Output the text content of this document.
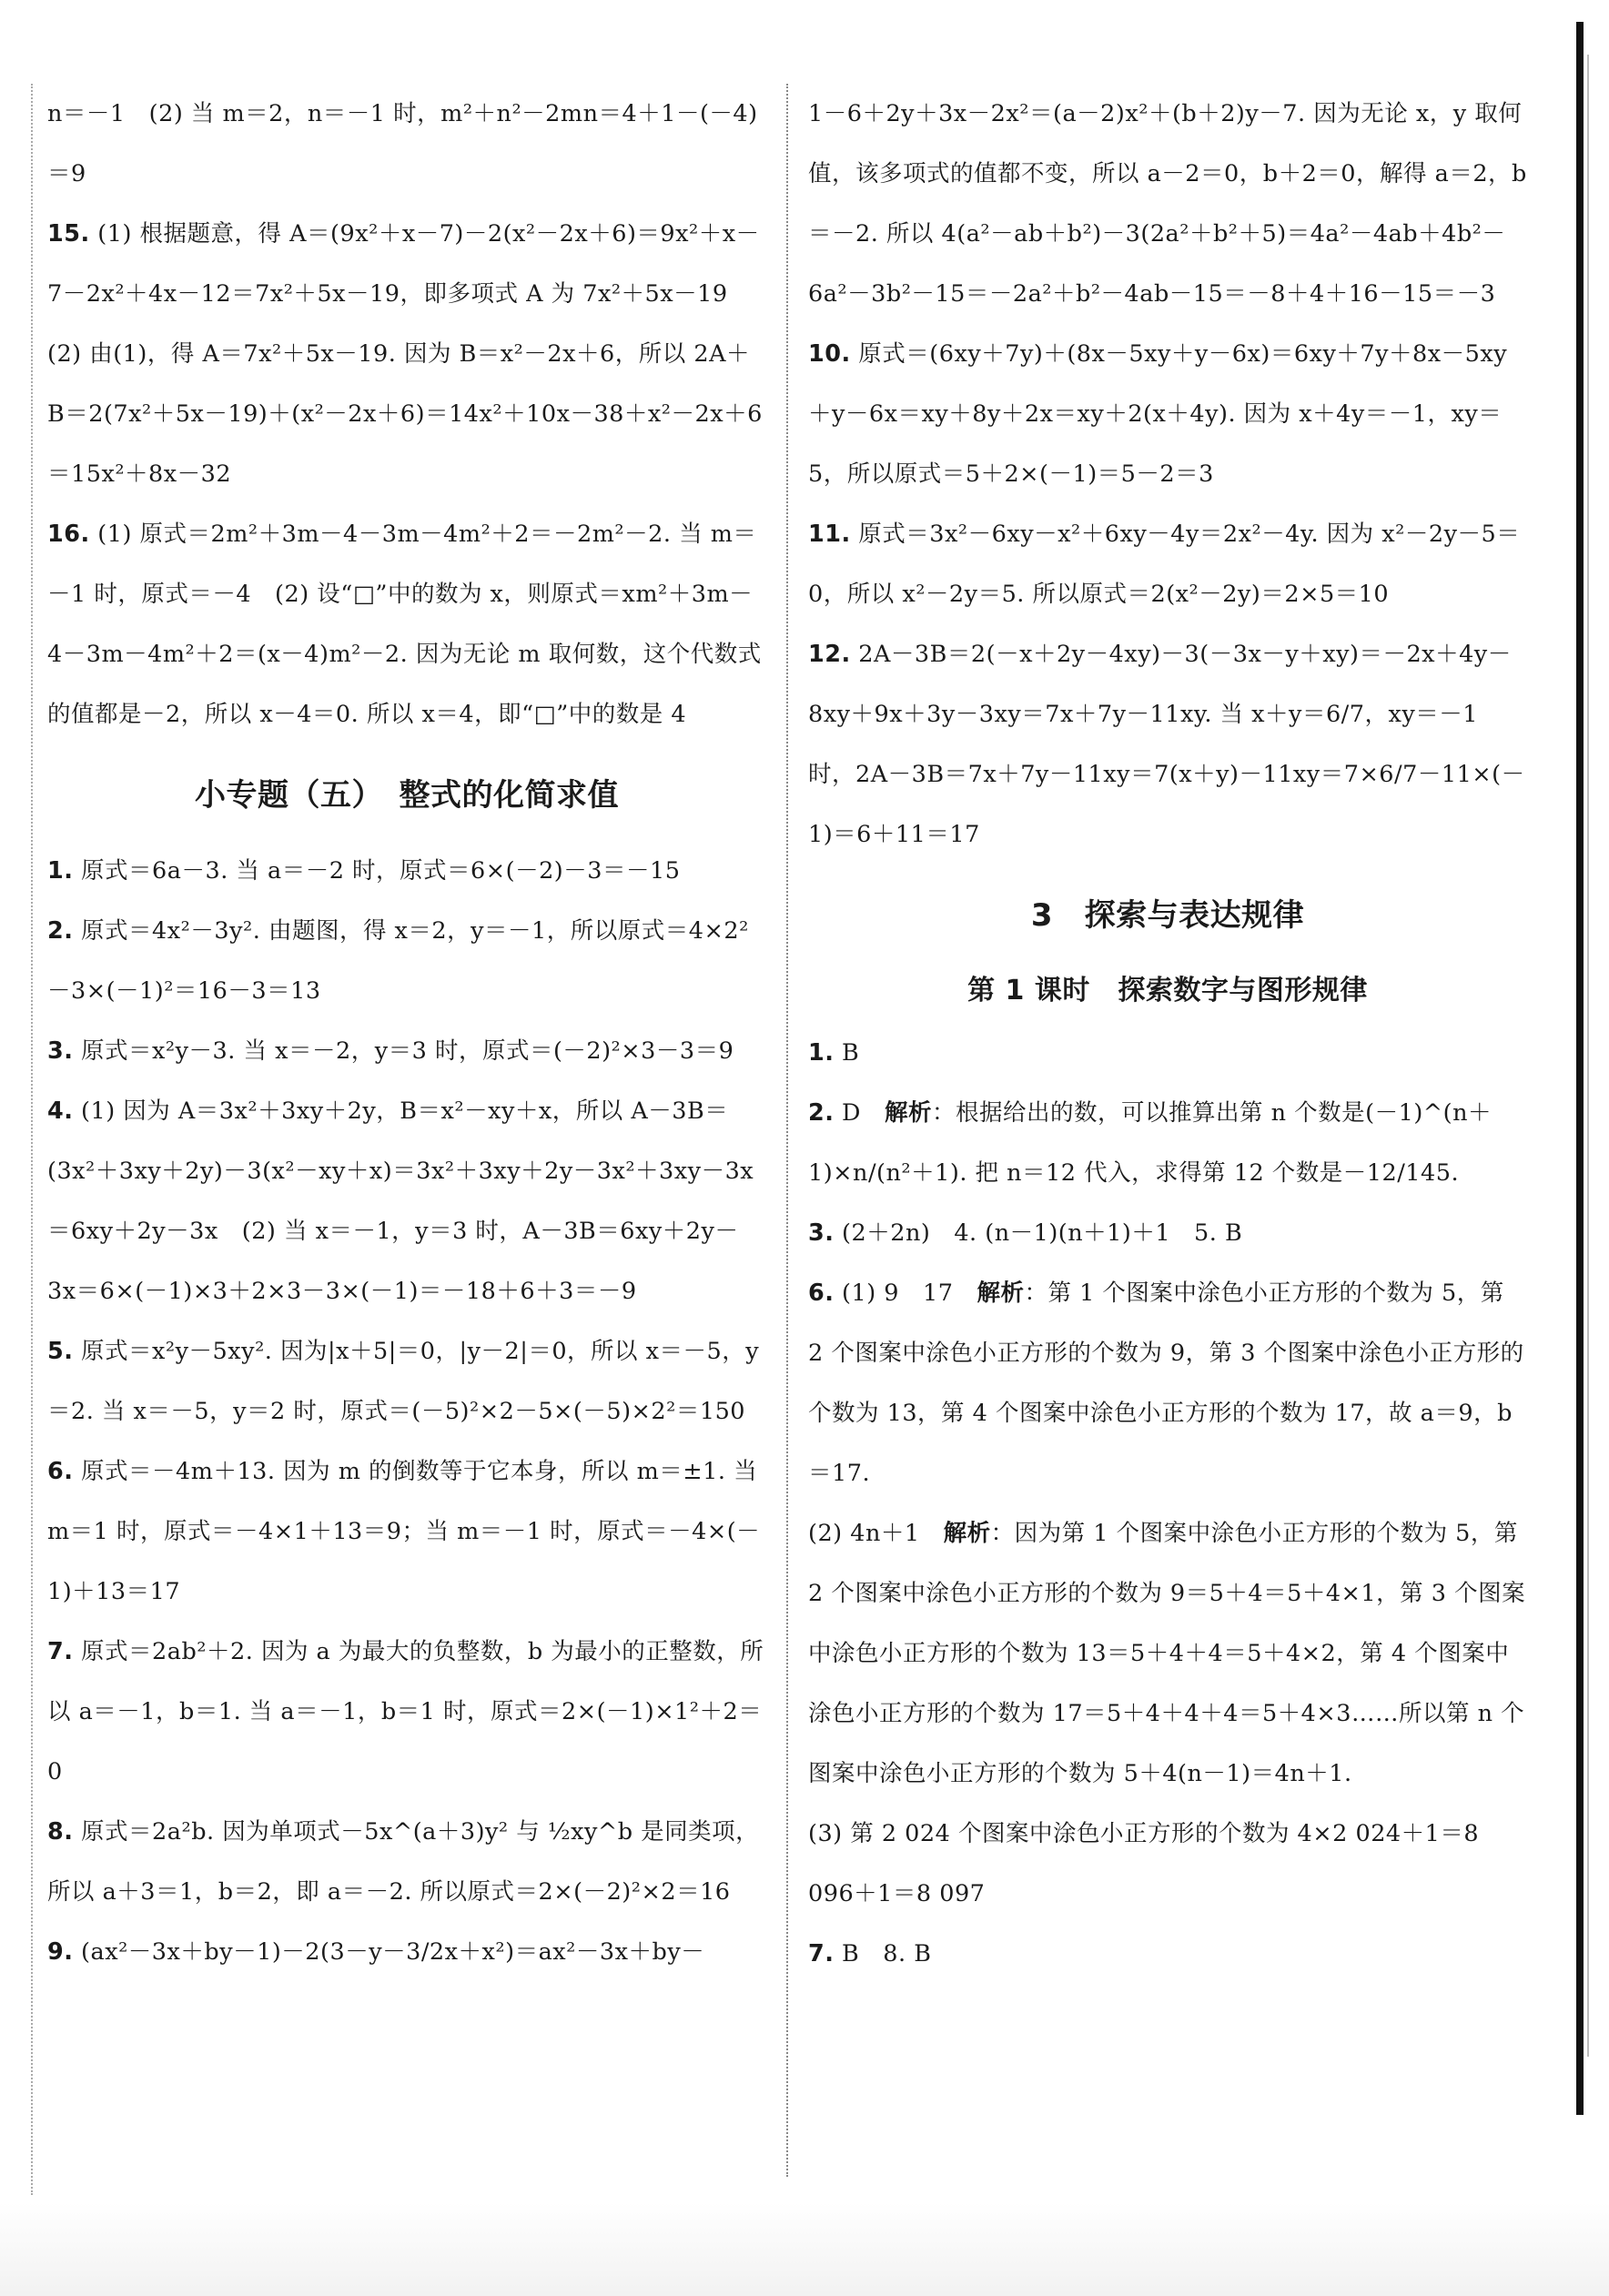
n＝－1　(2) 当 m＝2，n＝－1 时，m²＋n²－2mn＝4＋1－(－4)＝9

15. (1) 根据题意，得 A＝(9x²＋x－7)－2(x²－2x＋6)＝9x²＋x－7－2x²＋4x－12＝7x²＋5x－19，即多项式 A 为 7x²＋5x－19　(2) 由(1)，得 A＝7x²＋5x－19. 因为 B＝x²－2x＋6，所以 2A＋B＝2(7x²＋5x－19)＋(x²－2x＋6)＝14x²＋10x－38＋x²－2x＋6＝15x²＋8x－32

16. (1) 原式＝2m²＋3m－4－3m－4m²＋2＝－2m²－2. 当 m＝－1 时，原式＝－4　(2) 设“□”中的数为 x，则原式＝xm²＋3m－4－3m－4m²＋2＝(x－4)m²－2. 因为无论 m 取何数，这个代数式的值都是－2，所以 x－4＝0. 所以 x＝4，即“□”中的数是 4

小专题（五）　整式的化简求值

1. 原式＝6a－3. 当 a＝－2 时，原式＝6×(－2)－3＝－15

2. 原式＝4x²－3y². 由题图，得 x＝2，y＝－1，所以原式＝4×2²－3×(－1)²＝16－3＝13

3. 原式＝x²y－3. 当 x＝－2，y＝3 时，原式＝(－2)²×3－3＝9

4. (1) 因为 A＝3x²＋3xy＋2y，B＝x²－xy＋x，所以 A－3B＝(3x²＋3xy＋2y)－3(x²－xy＋x)＝3x²＋3xy＋2y－3x²＋3xy－3x＝6xy＋2y－3x　(2) 当 x＝－1，y＝3 时，A－3B＝6xy＋2y－3x＝6×(－1)×3＋2×3－3×(－1)＝－18＋6＋3＝－9

5. 原式＝x²y－5xy². 因为|x＋5|＝0，|y－2|＝0，所以 x＝－5，y＝2. 当 x＝－5，y＝2 时，原式＝(－5)²×2－5×(－5)×2²＝150

6. 原式＝－4m＋13. 因为 m 的倒数等于它本身，所以 m＝±1. 当 m＝1 时，原式＝－4×1＋13＝9；当 m＝－1 时，原式＝－4×(－1)＋13＝17

7. 原式＝2ab²＋2. 因为 a 为最大的负整数，b 为最小的正整数，所以 a＝－1，b＝1. 当 a＝－1，b＝1 时，原式＝2×(－1)×1²＋2＝0

8. 原式＝2a²b. 因为单项式－5x^(a＋3)y² 与 ½xy^b 是同类项，所以 a＋3＝1，b＝2，即 a＝－2. 所以原式＝2×(－2)²×2＝16

9. (ax²－3x＋by－1)－2(3－y－3/2x＋x²)＝ax²－3x＋by－

1－6＋2y＋3x－2x²＝(a－2)x²＋(b＋2)y－7. 因为无论 x，y 取何值，该多项式的值都不变，所以 a－2＝0，b＋2＝0，解得 a＝2，b＝－2. 所以 4(a²－ab＋b²)－3(2a²＋b²＋5)＝4a²－4ab＋4b²－6a²－3b²－15＝－2a²＋b²－4ab－15＝－8＋4＋16－15＝－3

10. 原式＝(6xy＋7y)＋(8x－5xy＋y－6x)＝6xy＋7y＋8x－5xy＋y－6x＝xy＋8y＋2x＝xy＋2(x＋4y). 因为 x＋4y＝－1，xy＝5，所以原式＝5＋2×(－1)＝5－2＝3

11. 原式＝3x²－6xy－x²＋6xy－4y＝2x²－4y. 因为 x²－2y－5＝0，所以 x²－2y＝5. 所以原式＝2(x²－2y)＝2×5＝10

12. 2A－3B＝2(－x＋2y－4xy)－3(－3x－y＋xy)＝－2x＋4y－8xy＋9x＋3y－3xy＝7x＋7y－11xy. 当 x＋y＝6/7，xy＝－1 时，2A－3B＝7x＋7y－11xy＝7(x＋y)－11xy＝7×6/7－11×(－1)＝6＋11＝17

3　探索与表达规律
第 1 课时　探索数字与图形规律

1. B

2. D　 解析：根据给出的数，可以推算出第 n 个数是(－1)^(n＋1)×n/(n²＋1). 把 n＝12 代入，求得第 12 个数是－12/145.

3. (2＋2n)　4. (n－1)(n＋1)＋1　5. B

6. (1) 9　17　 解析：第 1 个图案中涂色小正方形的个数为 5，第 2 个图案中涂色小正方形的个数为 9，第 3 个图案中涂色小正方形的个数为 13，第 4 个图案中涂色小正方形的个数为 17，故 a＝9，b＝17.

(2) 4n＋1　 解析：因为第 1 个图案中涂色小正方形的个数为 5，第 2 个图案中涂色小正方形的个数为 9＝5＋4＝5＋4×1，第 3 个图案中涂色小正方形的个数为 13＝5＋4＋4＝5＋4×2，第 4 个图案中涂色小正方形的个数为 17＝5＋4＋4＋4＝5＋4×3……所以第 n 个图案中涂色小正方形的个数为 5＋4(n－1)＝4n＋1.

(3) 第 2 024 个图案中涂色小正方形的个数为 4×2 024＋1＝8 096＋1＝8 097

7. B　8. B
